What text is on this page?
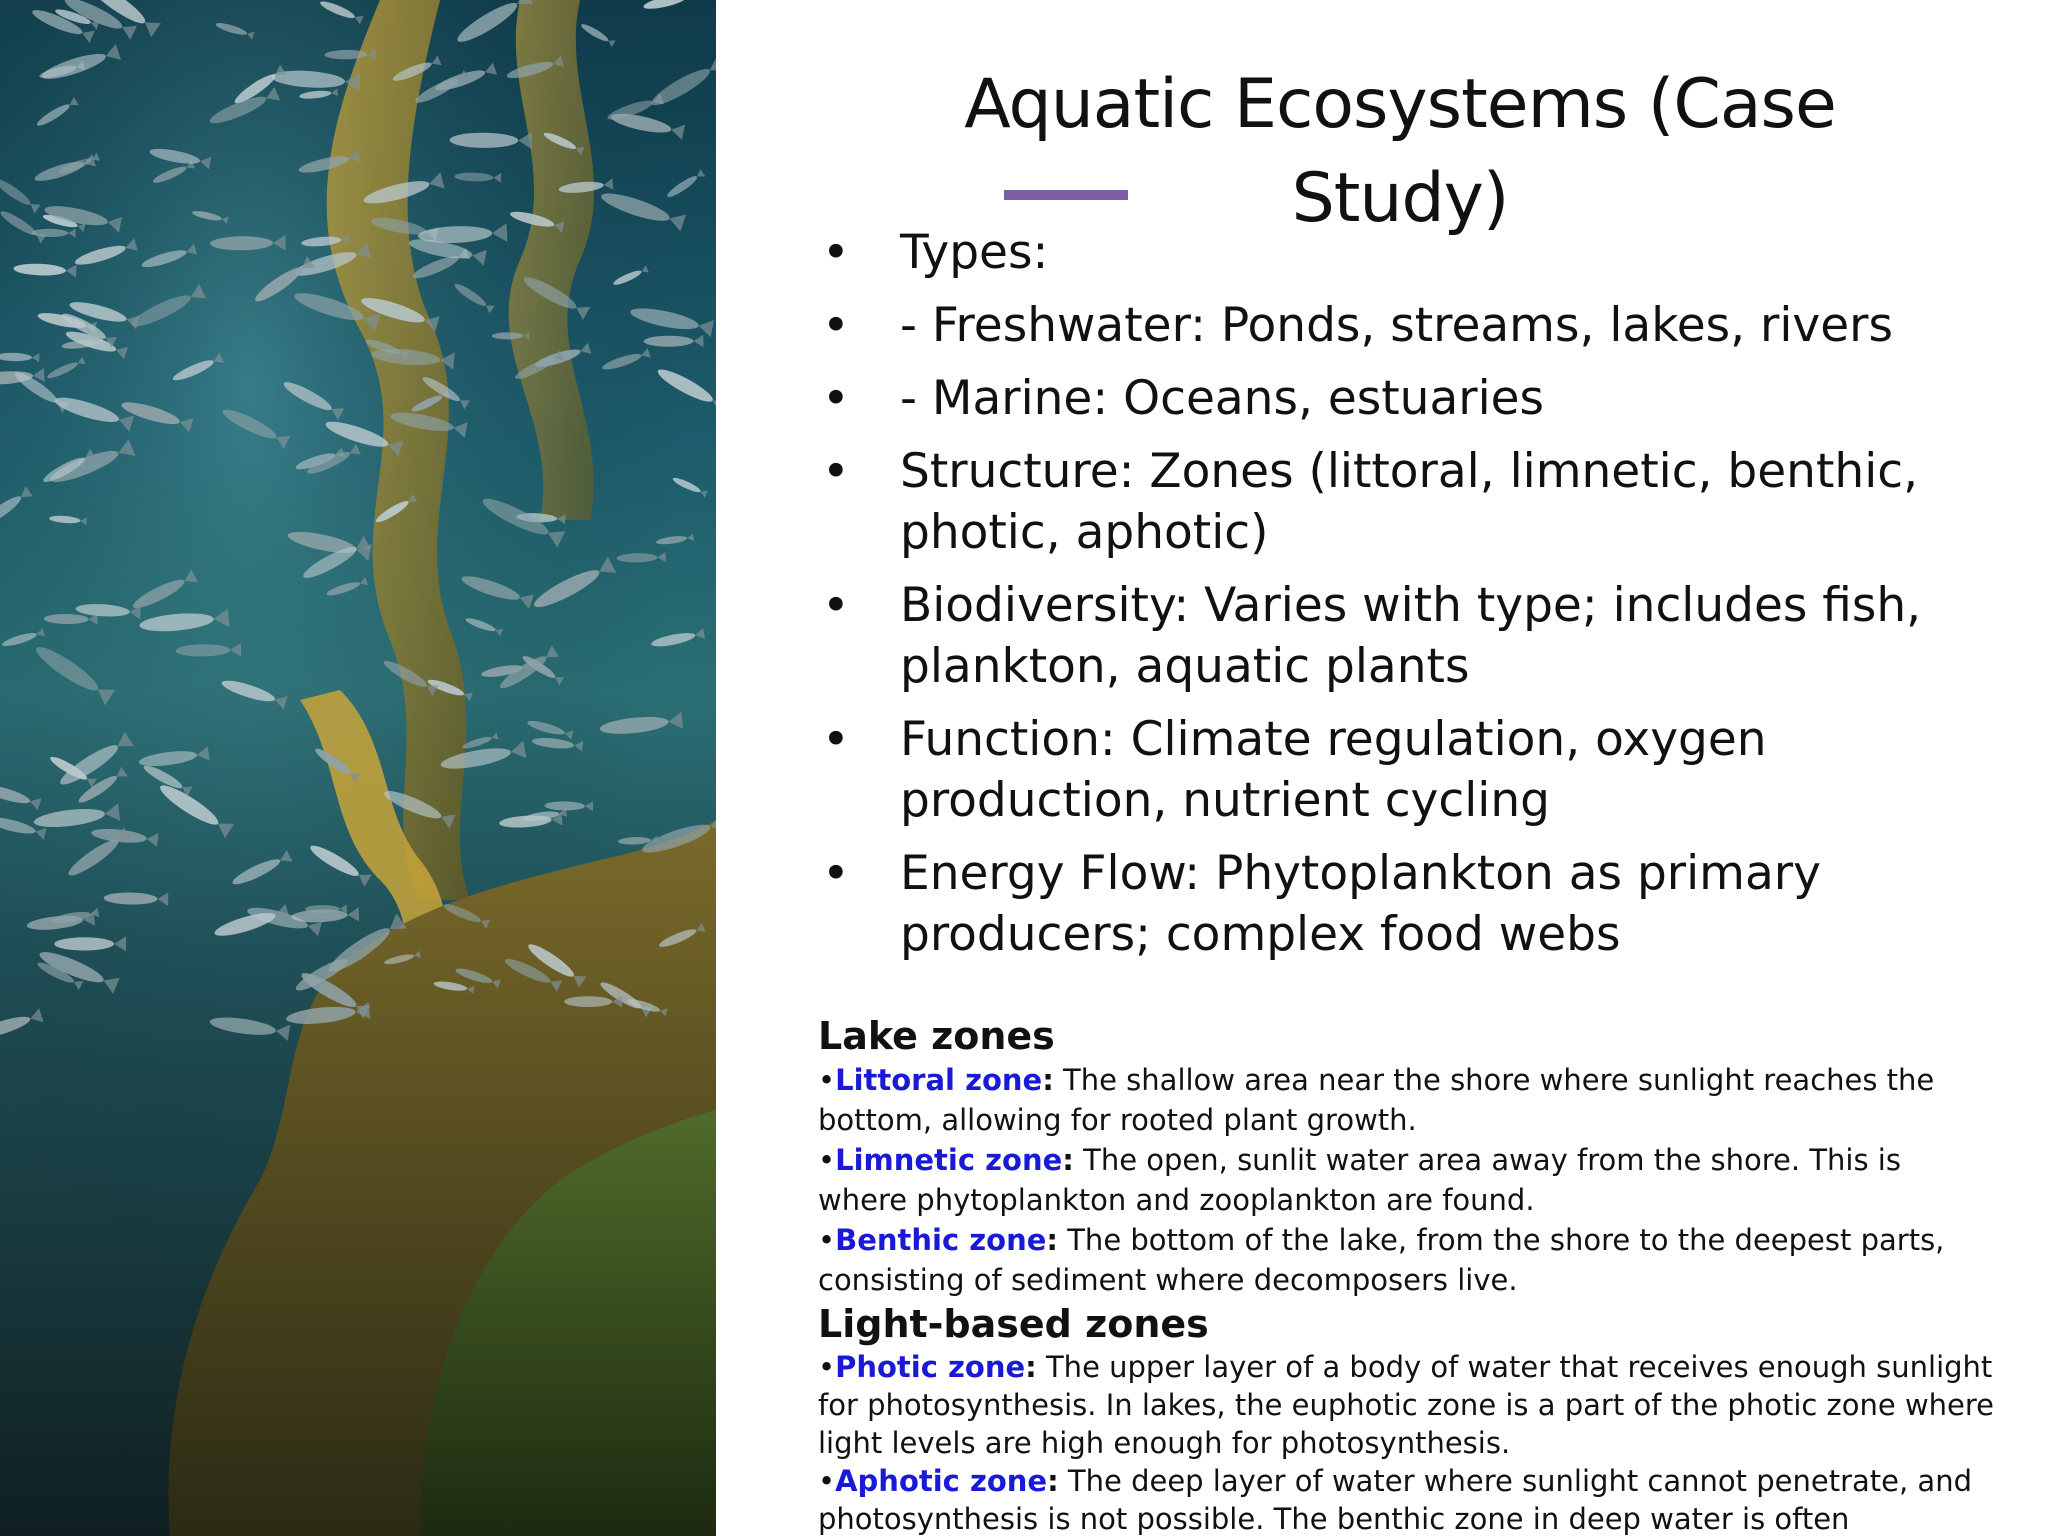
Aquatic Ecosystems (Case Study)
• Types:
• - Freshwater: Ponds, streams, lakes, rivers
• - Marine: Oceans, estuaries
• Structure: Zones (littoral, limnetic, benthic, photic, aphotic)
• Biodiversity: Varies with type; includes fish, plankton, aquatic plants
• Function: Climate regulation, oxygen production, nutrient cycling
• Energy Flow: Phytoplankton as primary producers; complex food webs
Lake zones

•Littoral zone: The shallow area near the shore where sunlight reaches the bottom, allowing for rooted plant growth.

•Limnetic zone: The open, sunlit water area away from the shore. This is where phytoplankton and zooplankton are found.

•Benthic zone: The bottom of the lake, from the shore to the deepest parts, consisting of sediment where decomposers live.

Light-based zones

•Photic zone: The upper layer of a body of water that receives enough sunlight for photosynthesis. In lakes, the euphotic zone is a part of the photic zone where light levels are high enough for photosynthesis.

•Aphotic zone: The deep layer of water where sunlight cannot penetrate, and photosynthesis is not possible. The benthic zone in deep water is often
